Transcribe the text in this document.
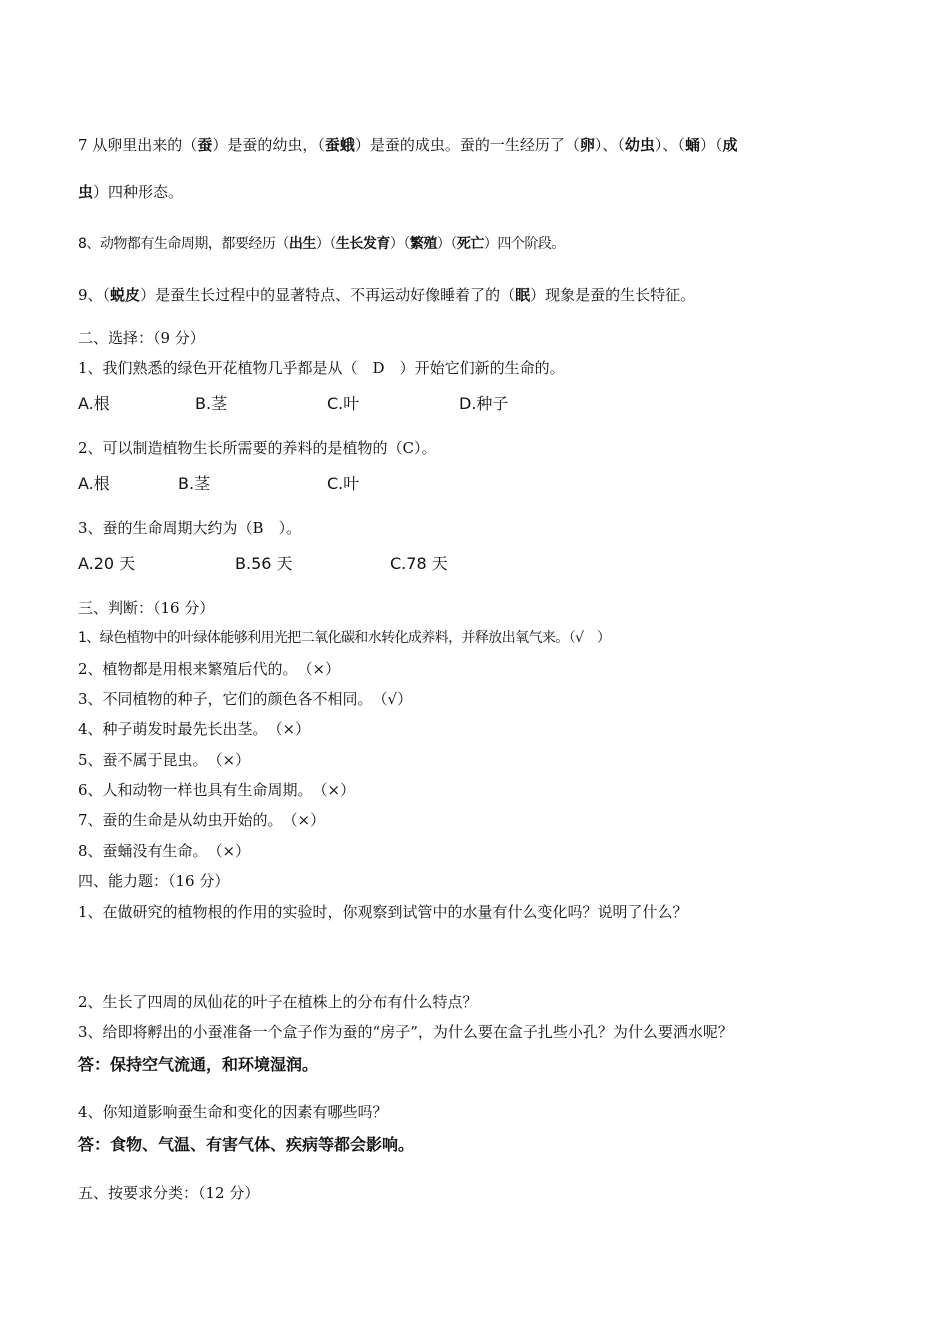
7 从卵里出来的（蚕）是蚕的幼虫，（蚕蛾）是蚕的成虫。蚕的一生经历了（卵）、（幼虫）、（蛹）（成
虫）四种形态。
8、动物都有生命周期，都要经历（出生）（生长发育）（繁殖）（死亡）四个阶段。
9、（蜕皮）是蚕生长过程中的显著特点、不再运动好像睡着了的（眠）现象是蚕的生长特征。
二、选择：（9 分）
1、我们熟悉的绿色开花植物几乎都是从（　D　）开始它们新的生命的。
A.根	B.茎	C.叶	D.种子
2、可以制造植物生长所需要的养料的是植物的（C）。
A.根	B.茎	C.叶
3、蚕的生命周期大约为（B　）。
A.20 天	B.56 天	C.78 天
三、判断：（16 分）
1、绿色植物中的叶绿体能够利用光把二氧化碳和水转化成养料，并释放出氧气来。（√　）
2、植物都是用根来繁殖后代的。　（×）
3、不同植物的种子，它们的颜色各不相同。　（√）
4、种子萌发时最先长出茎。　（×）
5、蚕不属于昆虫。　（×）
6、人和动物一样也具有生命周期。　（×）
7、蚕的生命是从幼虫开始的。　（×）
8、蚕蛹没有生命。　（×）
四、能力题：（16 分）
1、在做研究的植物根的作用的实验时，你观察到试管中的水量有什么变化吗？说明了什么？
2、生长了四周的凤仙花的叶子在植株上的分布有什么特点？
3、给即将孵出的小蚕准备一个盒子作为蚕的“房子”，为什么要在盒子扎些小孔？为什么要洒水呢？
答：保持空气流通，和环境湿润。
4、你知道影响蚕生命和变化的因素有哪些吗？
答：食物、气温、有害气体、疾病等都会影响。
五、按要求分类：（12 分）
